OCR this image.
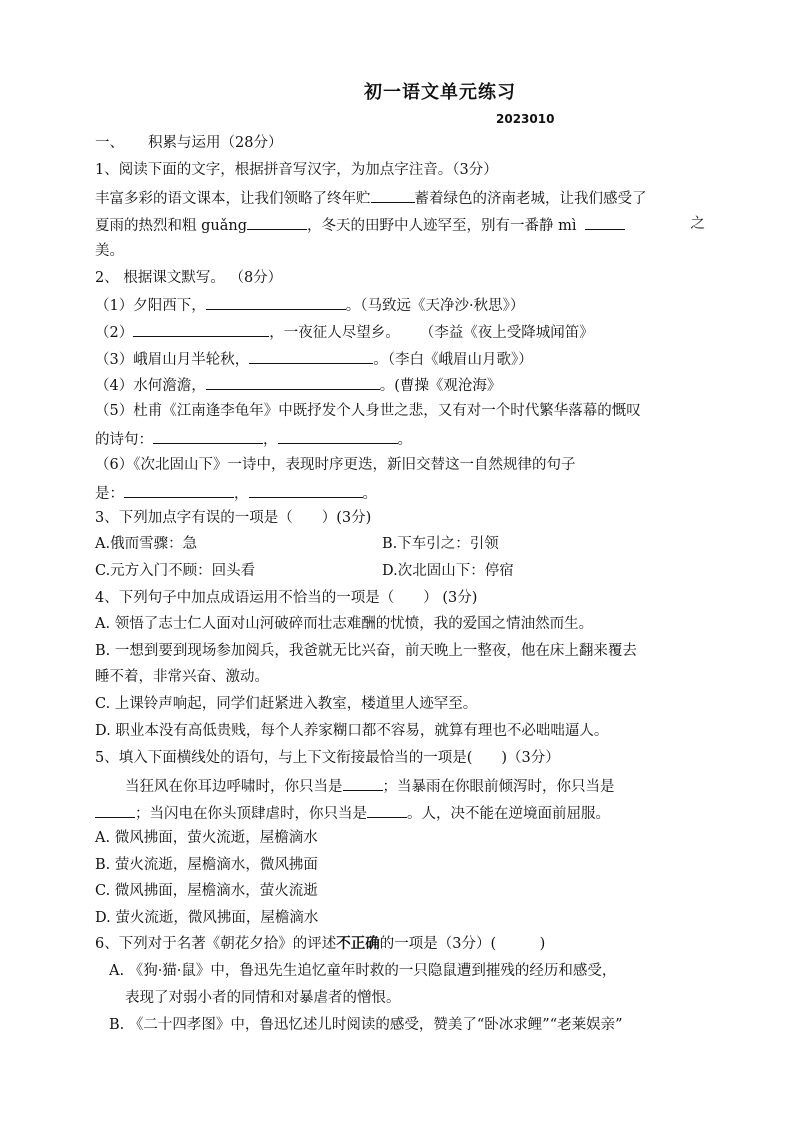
初一语文单元练习
2023010
一、 积累与运用（28分）
1、阅读下面的文字，根据拼音写汉字，为加点字注音。（3分）
丰富多彩的语文课本，让我们领略了终年贮	蓄着绿色的济南老城，让我们感受了
夏雨的热烈和粗 guǎng	，冬天的田野中人迹罕至，别有一番静 mì	之
美。
2、 根据课文默写。 （8分）
（1）夕阳西下，	。（马致远《天净沙·秋思》）
（2）	，一夜征人尽望乡。 （李益《夜上受降城闻笛》
（3）峨眉山月半轮秋，	。（李白《峨眉山月歌》）
（4）水何澹澹，	。(曹操《观沧海》
（5）杜甫《江南逢李龟年》中既抒发个人身世之悲，又有对一个时代繁华落幕的慨叹
的诗句：	，	。
（6）《次北固山下》一诗中，表现时序更迭，新旧交替这一自然规律的句子
是：	，	。
3、下列加点字有误的一项是（　　）(3分)
A.俄而雪骤：急	B.下车引之：引领
C.元方入门不顾：回头看	D.次北固山下：停宿
4、下列句子中加点成语运用不恰当的一项是（　　） (3分)
A. 领悟了志士仁人面对山河破碎而壮志难酬的忧愤，我的爱国之情油然而生。
B. 一想到要到现场参加阅兵，我爸就无比兴奋，前天晚上一整夜，他在床上翻来覆去
睡不着，非常兴奋、激动。
C. 上课铃声响起，同学们赶紧进入教室，楼道里人迹罕至。
D. 职业本没有高低贵贱，每个人养家糊口都不容易，就算有理也不必咄咄逼人。
5、填入下面横线处的语句，与上下文衔接最恰当的一项是(　　)（3分）
当狂风在你耳边呼啸时，你只当是	；当暴雨在你眼前倾泻时，你只当是
；当闪电在你头顶肆虐时，你只当是	。人，决不能在逆境面前屈服。
A. 微风拂面，萤火流逝，屋檐滴水
B. 萤火流逝，屋檐滴水，微风拂面
C. 微风拂面，屋檐滴水，萤火流逝
D. 萤火流逝，微风拂面，屋檐滴水
6、下列对于名著《朝花夕拾》的评述不正确的一项是（3分）(　　　)
A. 《狗·猫·鼠》中，鲁迅先生追忆童年时救的一只隐鼠遭到摧残的经历和感受，
表现了对弱小者的同情和对暴虐者的憎恨。
B. 《二十四孝图》中，鲁迅忆述儿时阅读的感受，赞美了“卧冰求鲤”“老莱娱亲”
